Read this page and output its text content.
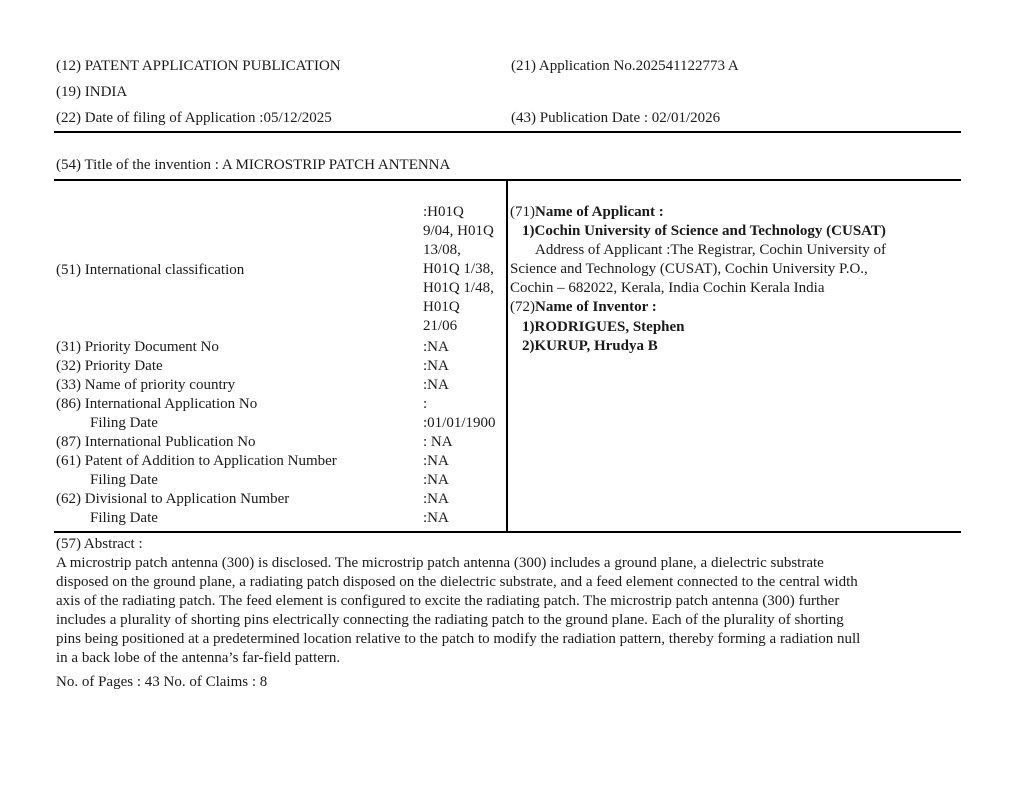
(12) PATENT APPLICATION PUBLICATION
(19) INDIA
(22) Date of filing of Application :05/12/2025
(21) Application No.202541122773 A
(43) Publication Date : 02/01/2026
(54) Title of the invention : A MICROSTRIP PATCH ANTENNA
(51) International classification
:H01Q
9/04, H01Q
13/08,
H01Q 1/38,
H01Q 1/48,
H01Q
21/06
(31) Priority Document No
(32) Priority Date
(33) Name of priority country
(86) International Application No
Filing Date
(87) International Publication No
(61) Patent of Addition to Application Number
Filing Date
(62) Divisional to Application Number
Filing Date
:NA
:NA
:NA
:
:01/01/1900
: NA
:NA
:NA
:NA
:NA
(71)Name of Applicant :
1)Cochin University of Science and Technology (CUSAT)
Address of Applicant :The Registrar, Cochin University of
Science and Technology (CUSAT), Cochin University P.O.,
Cochin – 682022, Kerala, India Cochin Kerala India
(72)Name of Inventor :
1)RODRIGUES, Stephen
2)KURUP, Hrudya B
(57) Abstract :
A microstrip patch antenna (300) is disclosed. The microstrip patch antenna (300) includes a ground plane, a dielectric substrate
disposed on the ground plane, a radiating patch disposed on the dielectric substrate, and a feed element connected to the central width
axis of the radiating patch. The feed element is configured to excite the radiating patch. The microstrip patch antenna (300) further
includes a plurality of shorting pins electrically connecting the radiating patch to the ground plane. Each of the plurality of shorting
pins being positioned at a predetermined location relative to the patch to modify the radiation pattern, thereby forming a radiation null
in a back lobe of the antenna’s far-field pattern.
No. of Pages : 43 No. of Claims : 8
